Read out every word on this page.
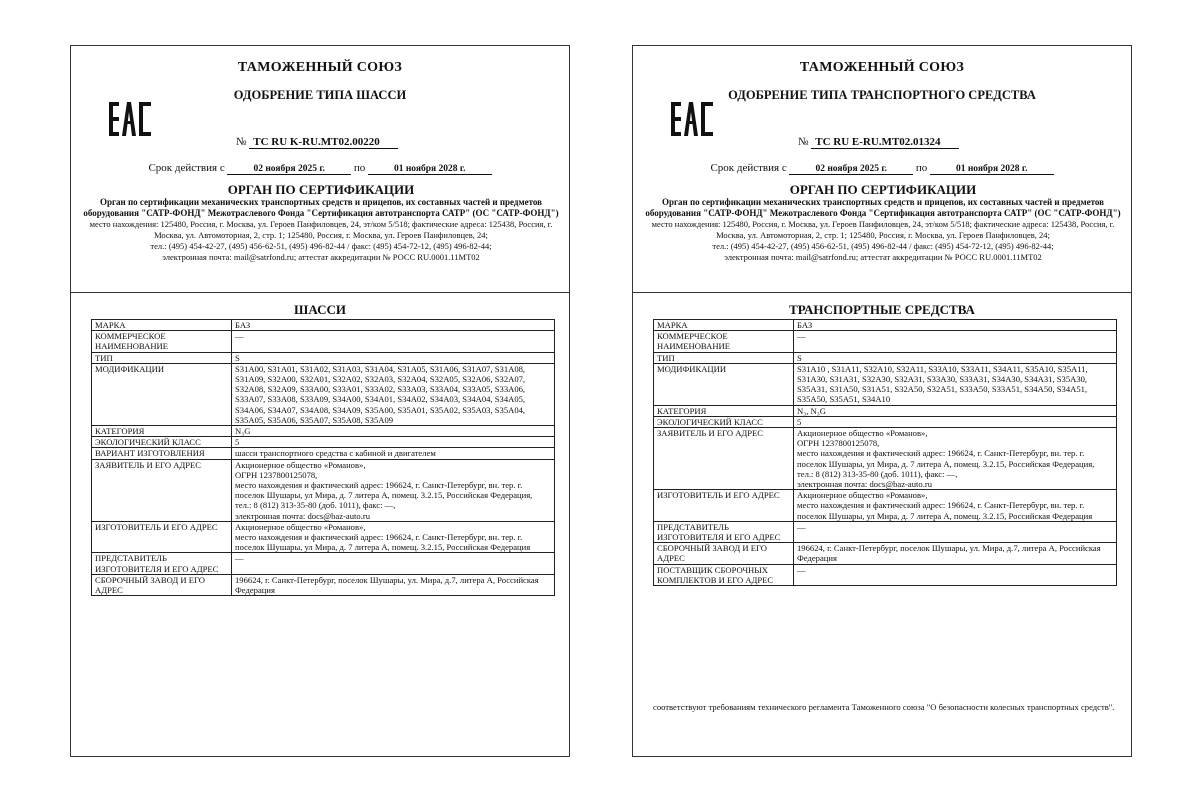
ТАМОЖЕННЫЙ СОЮЗ
ОДОБРЕНИЕ ТИПА ШАССИ
№ TC RU K-RU.MT02.00220
Срок действия с	02 ноября 2025 г.	по	01 ноября 2028 г.
ОРГАН ПО СЕРТИФИКАЦИИ
Орган по сертификации механических транспортных средств и прицепов, их составных частей и предметов оборудования "САТР-ФОНД" Межотраслевого Фонда "Сертификация автотранспорта САТР" (ОС "САТР-ФОНД")
место нахождения: 125480, Россия, г. Москва, ул. Героев Панфиловцев, 24, эт/ком 5/518; фактические адреса: 125438, Россия, г. Москва, ул. Автомоторная, 2, стр. 1; 125480, Россия, г. Москва, ул. Героев Панфиловцев, 24;
тел.: (495) 454-42-27, (495) 456-62-51, (495) 496-82-44 / факс: (495) 454-72-12, (495) 496-82-44;
электронная почта: mail@satrfond.ru; аттестат аккредитации № РОСС RU.0001.11MT02
ШАССИ
МАРКА	БАЗ
КОММЕРЧЕСКОЕ НАИМЕНОВАНИЕ	—
ТИП	S
МОДИФИКАЦИИ	S31A00, S31A01, S31A02, S31A03, S31A04, S31A05, S31A06, S31A07, S31A08, S31A09, S32A00, S32A01, S32A02, S32A03, S32A04, S32A05, S32A06, S32A07, S32A08, S32A09, S33A00, S33A01, S33A02, S33A03, S33A04, S33A05, S33A06, S33A07, S33A08, S33A09, S34A00, S34A01, S34A02, S34A03, S34A04, S34A05, S34A06, S34A07, S34A08, S34A09, S35A00, S35A01, S35A02, S35A03, S35A04, S35A05, S35A06, S35A07, S35A08, S35A09
КАТЕГОРИЯ	N₃G
ЭКОЛОГИЧЕСКИЙ КЛАСС	5
ВАРИАНТ ИЗГОТОВЛЕНИЯ	шасси транспортного средства с кабиной и двигателем
ЗАЯВИТЕЛЬ И ЕГО АДРЕС	Акционерное общество «Романов»,
ОГРН 1237800125078,
место нахождения и фактический адрес: 196624, г. Санкт-Петербург, вн. тер. г. поселок Шушары, ул Мира, д. 7 литера А, помещ. 3.2.15, Российская Федерация,
тел.: 8 (812) 313-35-80 (доб. 1011), факс: —,
электронная почта: docs@baz-auto.ru
ИЗГОТОВИТЕЛЬ И ЕГО АДРЕС	Акционерное общество «Романов»,
место нахождения и фактический адрес: 196624, г. Санкт-Петербург, вн. тер. г. поселок Шушары, ул Мира, д. 7 литера А, помещ. 3.2.15, Российская Федерация
ПРЕДСТАВИТЕЛЬ ИЗГОТОВИТЕЛЯ И ЕГО АДРЕС	—
СБОРОЧНЫЙ ЗАВОД И ЕГО АДРЕС	196624, г. Санкт-Петербург, поселок Шушары, ул. Мира, д.7, литера А, Российская Федерация
ТАМОЖЕННЫЙ СОЮЗ
ОДОБРЕНИЕ ТИПА ТРАНСПОРТНОГО СРЕДСТВА
№ TC RU E-RU.MT02.01324
Срок действия с	02 ноября 2025 г.	по	01 ноября 2028 г.
ОРГАН ПО СЕРТИФИКАЦИИ
Орган по сертификации механических транспортных средств и прицепов, их составных частей и предметов оборудования "САТР-ФОНД" Межотраслевого Фонда "Сертификация автотранспорта САТР" (ОС "САТР-ФОНД")
место нахождения: 125480, Россия, г. Москва, ул. Героев Панфиловцев, 24, эт/ком 5/518; фактические адреса: 125438, Россия, г. Москва, ул. Автомоторная, 2, стр. 1; 125480, Россия, г. Москва, ул. Героев Панфиловцев, 24;
тел.: (495) 454-42-27, (495) 456-62-51, (495) 496-82-44 / факс: (495) 454-72-12, (495) 496-82-44;
электронная почта: mail@satrfond.ru; аттестат аккредитации № РОСС RU.0001.11MT02
ТРАНСПОРТНЫЕ СРЕДСТВА
МАРКА	БАЗ
КОММЕРЧЕСКОЕ НАИМЕНОВАНИЕ	—
ТИП	S
МОДИФИКАЦИИ	S31A10 , S31A11, S32A10, S32A11, S33A10, S33A11, S34A11, S35A10, S35A11, S31A30, S31A31, S32A30, S32A31, S33A30, S33A31, S34A30, S34A31, S35A30, S35A31, S31A50, S31A51, S32A50, S32A51, S33A50, S33A51, S34A50, S34A51, S35A50, S35A51, S34A10
КАТЕГОРИЯ	N₃, N₃G
ЭКОЛОГИЧЕСКИЙ КЛАСС	5
ЗАЯВИТЕЛЬ И ЕГО АДРЕС	Акционерное общество «Романов»,
ОГРН 1237800125078,
место нахождения и фактический адрес: 196624, г. Санкт-Петербург, вн. тер. г. поселок Шушары, ул Мира, д. 7 литера А, помещ. 3.2.15, Российская Федерация,
тел.: 8 (812) 313-35-80 (доб. 1011), факс: —,
электронная почта: docs@baz-auto.ru
ИЗГОТОВИТЕЛЬ И ЕГО АДРЕС	Акционерное общество «Романов»,
место нахождения и фактический адрес: 196624, г. Санкт-Петербург, вн. тер. г. поселок Шушары, ул Мира, д. 7 литера А, помещ. 3.2.15, Российская Федерация
ПРЕДСТАВИТЕЛЬ ИЗГОТОВИТЕЛЯ И ЕГО АДРЕС	—
СБОРОЧНЫЙ ЗАВОД И ЕГО АДРЕС	196624, г. Санкт-Петербург, поселок Шушары, ул. Мира, д.7, литера А, Российская Федерация
ПОСТАВЩИК СБОРОЧНЫХ КОМПЛЕКТОВ И ЕГО АДРЕС	—
соответствуют требованиям технического регламента Таможенного союза "О безопасности колесных транспортных средств".
